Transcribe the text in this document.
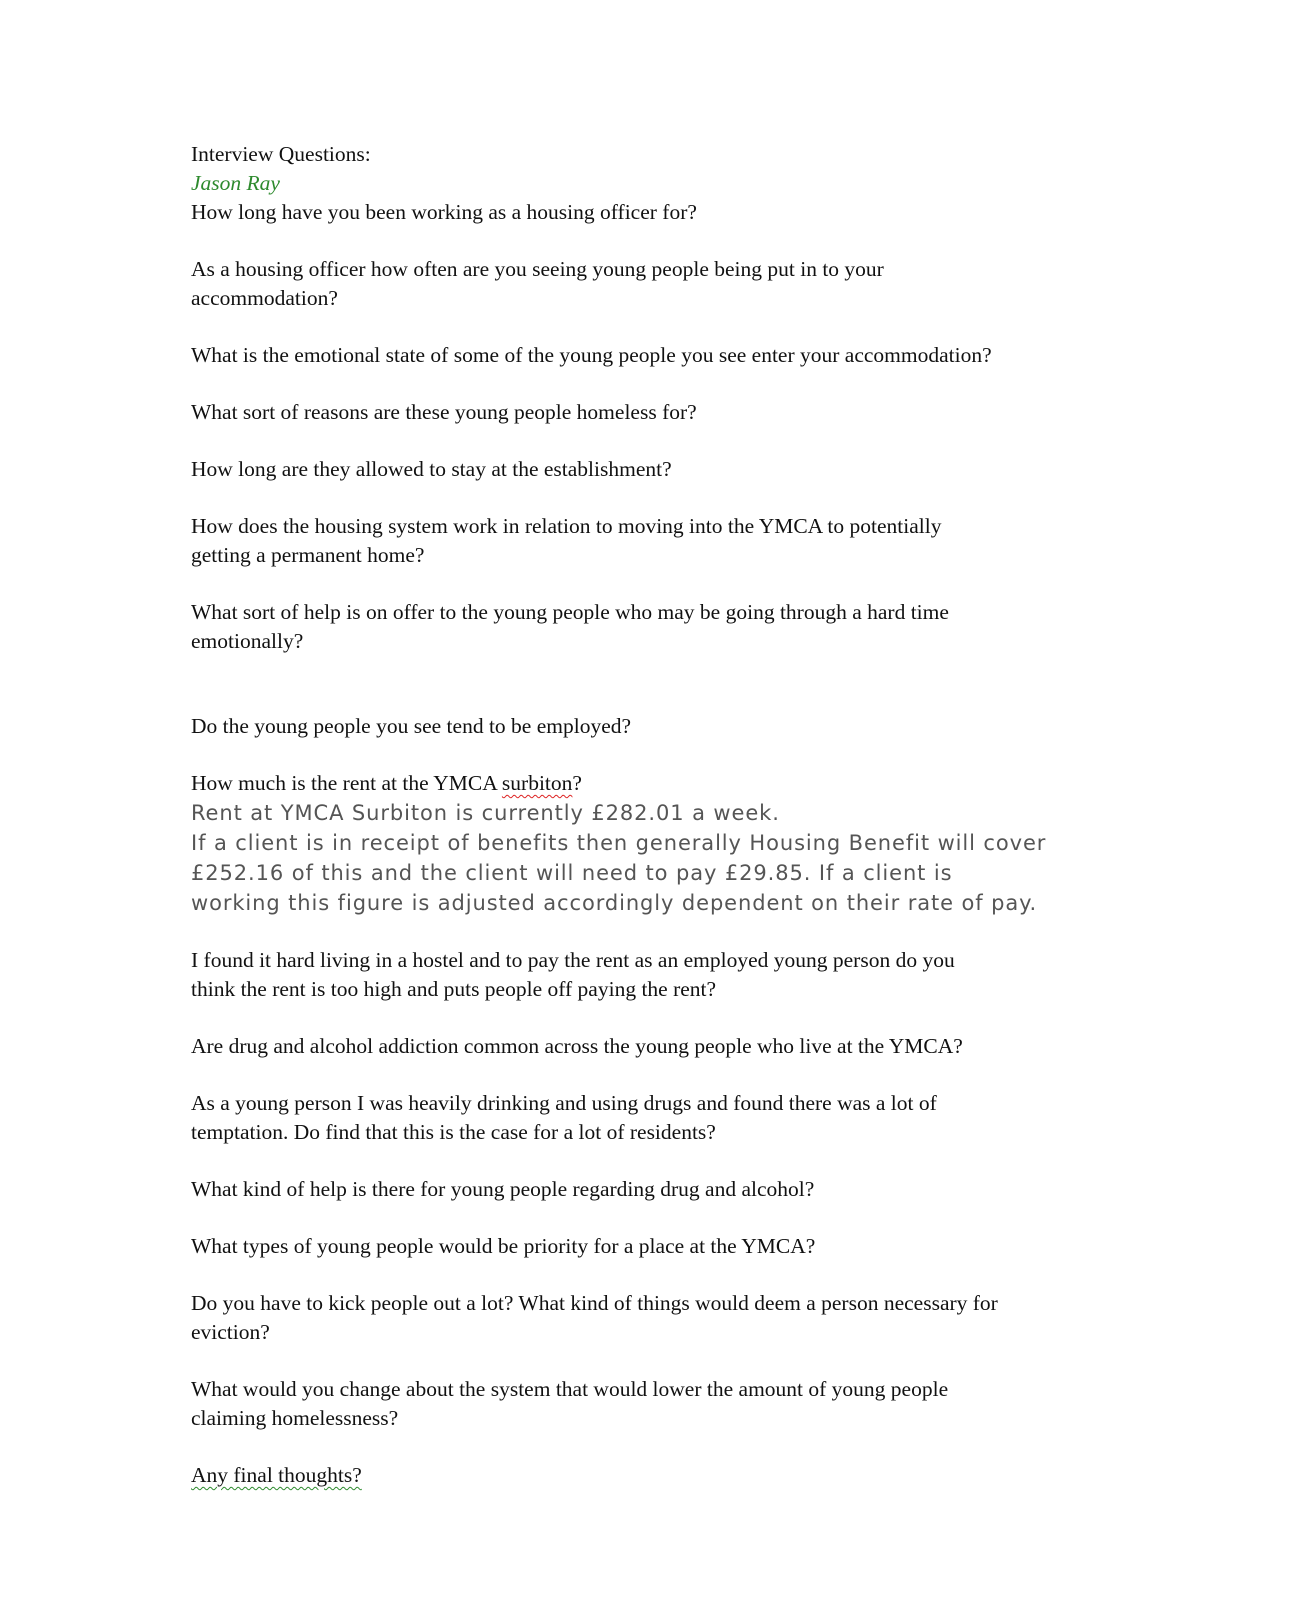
Interview Questions:

Jason Ray

How long have you been working as a housing officer for?

As a housing officer how often are you seeing young people being put in to your

accommodation?

What is the emotional state of some of the young people you see enter your accommodation?

What sort of reasons are these young people homeless for?

How long are they allowed to stay at the establishment?

How does the housing system work in relation to moving into the YMCA to potentially

getting a permanent home?

What sort of help is on offer to the young people who may be going through a hard time

emotionally?

Do the young people you see tend to be employed?

How much is the rent at the YMCA surbiton?

Rent at YMCA Surbiton is currently £282.01 a week.

If a client is in receipt of benefits then generally Housing Benefit will cover

£252.16 of this and the client will need to pay £29.85. If a client is

working this figure is adjusted accordingly dependent on their rate of pay.

I found it hard living in a hostel and to pay the rent as an employed young person do you

think the rent is too high and puts people off paying the rent?

Are drug and alcohol addiction common across the young people who live at the YMCA?

As a young person I was heavily drinking and using drugs and found there was a lot of

temptation. Do find that this is the case for a lot of residents?

What kind of help is there for young people regarding drug and alcohol?

What types of young people would be priority for a place at the YMCA?

Do you have to kick people out a lot? What kind of things would deem a person necessary for

eviction?

What would you change about the system that would lower the amount of young people

claiming homelessness?

Any final thoughts?
